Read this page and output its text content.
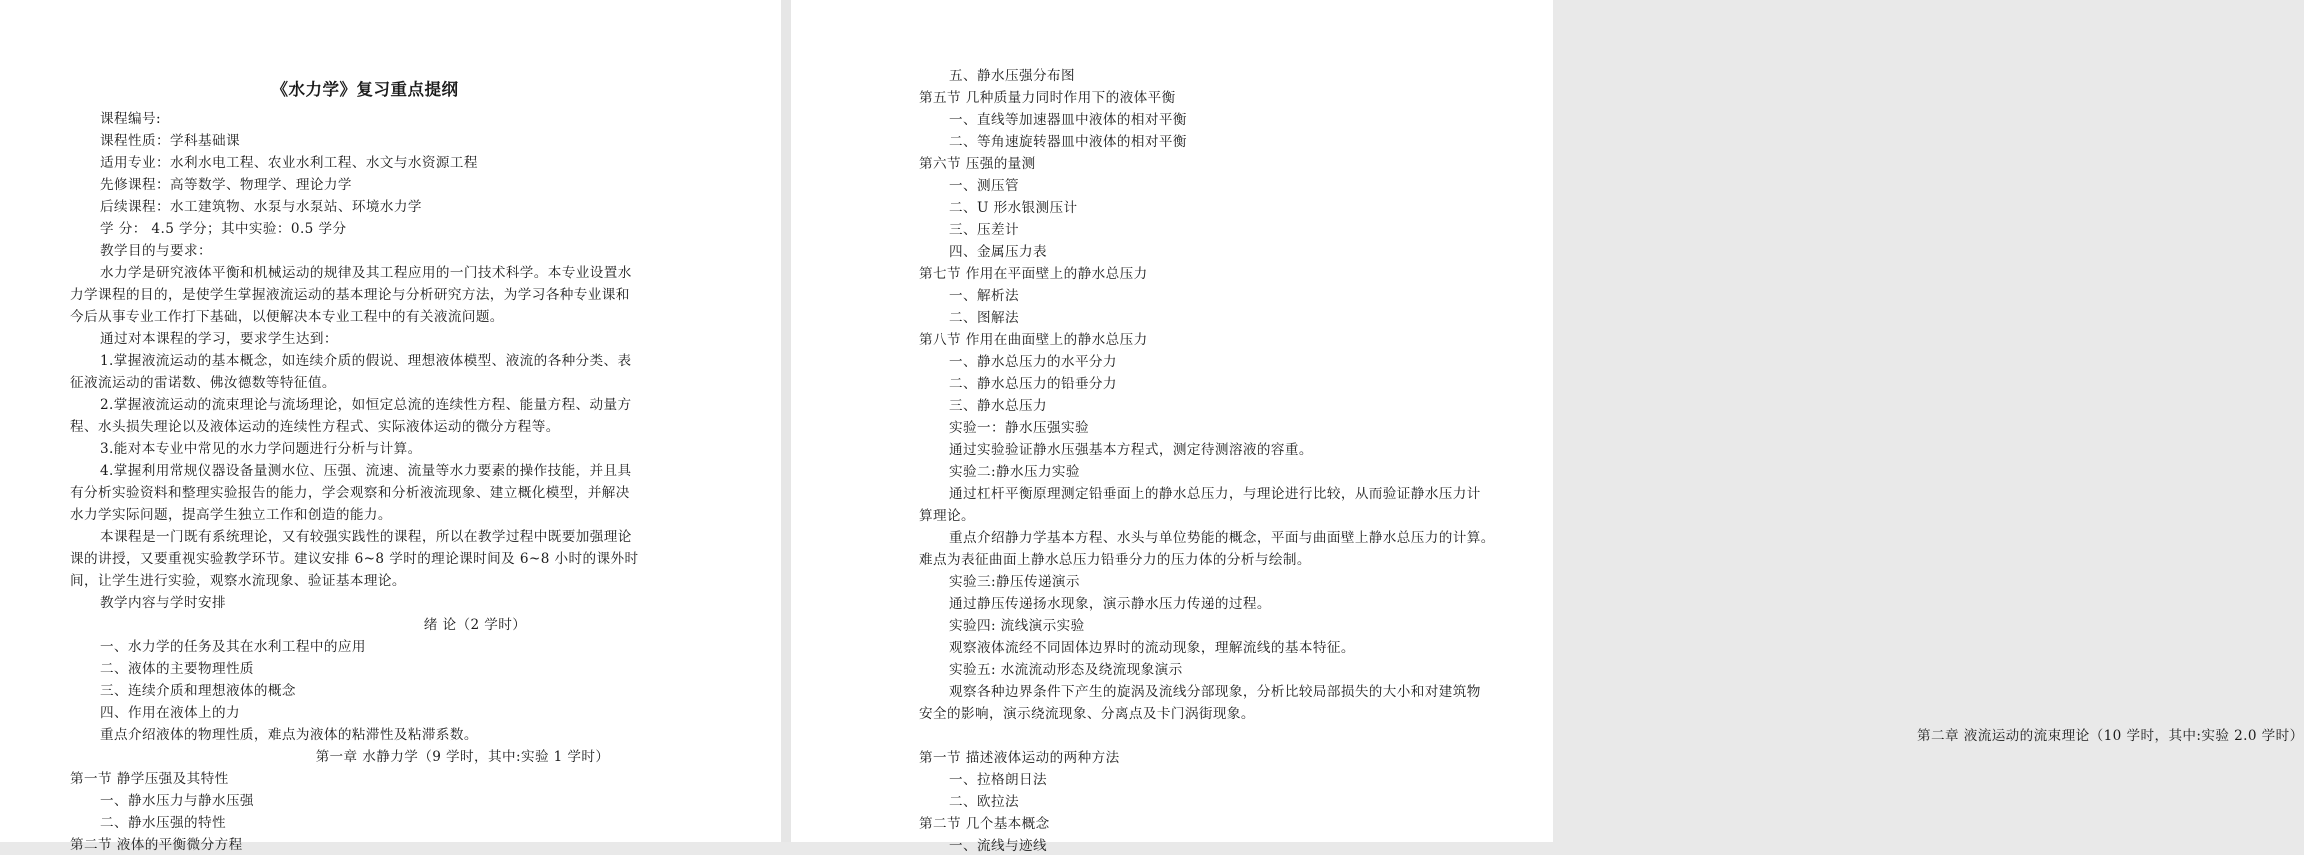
《水力学》复习重点提纲
课程编号:
课程性质：学科基础课
适用专业：水利水电工程、农业水利工程、水文与水资源工程
先修课程：高等数学、物理学、理论力学
后续课程：水工建筑物、水泵与水泵站、环境水力学
学 分： 4.5 学分；其中实验：0.5 学分
教学目的与要求：
水力学是研究液体平衡和机械运动的规律及其工程应用的一门技术科学。本专业设置水
力学课程的目的，是使学生掌握液流运动的基本理论与分析研究方法，为学习各种专业课和
今后从事专业工作打下基础，以便解决本专业工程中的有关液流问题。
通过对本课程的学习，要求学生达到：
1.掌握液流运动的基本概念，如连续介质的假说、理想液体模型、液流的各种分类、表
征液流运动的雷诺数、佛汝德数等特征值。
2.掌握液流运动的流束理论与流场理论，如恒定总流的连续性方程、能量方程、动量方
程、水头损失理论以及液体运动的连续性方程式、实际液体运动的微分方程等。
3.能对本专业中常见的水力学问题进行分析与计算。
4.掌握利用常规仪器设备量测水位、压强、流速、流量等水力要素的操作技能，并且具
有分析实验资料和整理实验报告的能力，学会观察和分析液流现象、建立概化模型，并解决
水力学实际问题，提高学生独立工作和创造的能力。
本课程是一门既有系统理论，又有较强实践性的课程，所以在教学过程中既要加强理论
课的讲授，又要重视实验教学环节。建议安排 6~8 学时的理论课时间及 6~8 小时的课外时
间，让学生进行实验，观察水流现象、验证基本理论。
教学内容与学时安排
绪 论（2 学时）
一、水力学的任务及其在水利工程中的应用
二、液体的主要物理性质
三、连续介质和理想液体的概念
四、作用在液体上的力
重点介绍液体的物理性质，难点为液体的粘滞性及粘滞系数。
第一章 水静力学（9 学时，其中:实验 1 学时）
第一节 静学压强及其特性
一、静水压力与静水压强
二、静水压强的特性
第二节 液体的平衡微分方程
五、静水压强分布图
第五节 几种质量力同时作用下的液体平衡
一、直线等加速器皿中液体的相对平衡
二、等角速旋转器皿中液体的相对平衡
第六节 压强的量测
一、测压管
二、U 形水银测压计
三、压差计
四、金属压力表
第七节 作用在平面壁上的静水总压力
一、解析法
二、图解法
第八节 作用在曲面壁上的静水总压力
一、静水总压力的水平分力
二、静水总压力的铅垂分力
三、静水总压力
实验一：静水压强实验
通过实验验证静水压强基本方程式，测定待测溶液的容重。
实验二:静水压力实验
通过杠杆平衡原理测定铅垂面上的静水总压力，与理论进行比较，从而验证静水压力计
算理论。
重点介绍静力学基本方程、水头与单位势能的概念，平面与曲面壁上静水总压力的计算。
难点为表征曲面上静水总压力铅垂分力的压力体的分析与绘制。
实验三:静压传递演示
通过静压传递扬水现象，演示静水压力传递的过程。
实验四: 流线演示实验
观察液体流经不同固体边界时的流动现象，理解流线的基本特征。
实验五: 水流流动形态及绕流现象演示
观察各种边界条件下产生的旋涡及流线分部现象，分析比较局部损失的大小和对建筑物
安全的影响，演示绕流现象、分离点及卡门涡街现象。
第二章 液流运动的流束理论（10 学时，其中:实验 2.0 学时）
第一节 描述液体运动的两种方法
一、拉格朗日法
二、欧拉法
第二节 几个基本概念
一、流线与迹线
